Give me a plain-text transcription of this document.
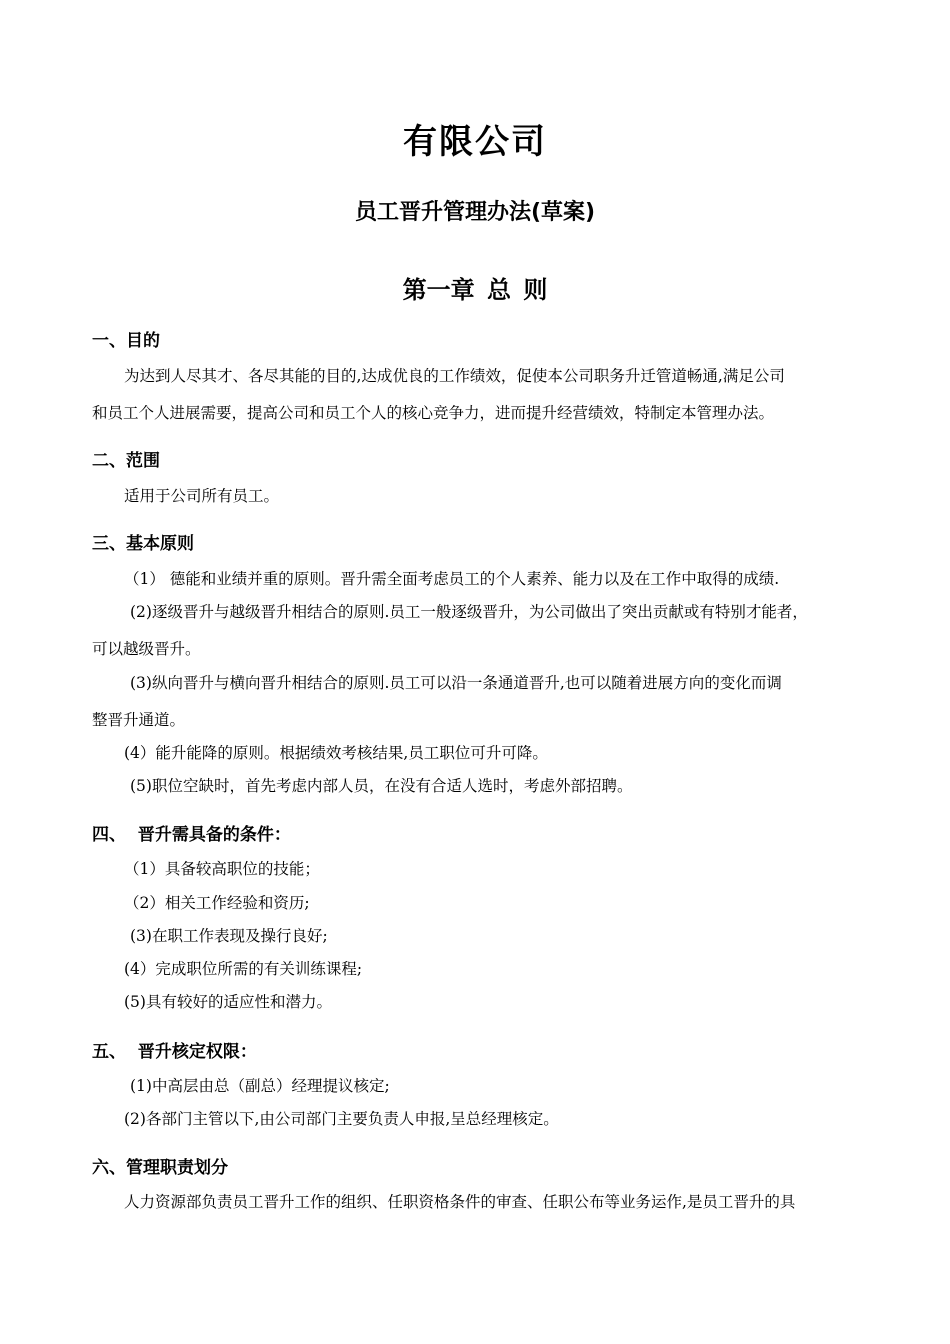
有限公司
员工晋升管理办法(草案)
第一章 总 则
一、目的
为达到人尽其才、各尽其能的目的,达成优良的工作绩效，促使本公司职务升迁管道畅通,满足公司
和员工个人进展需要，提高公司和员工个人的核心竞争力，进而提升经营绩效，特制定本管理办法。
二、范围
适用于公司所有员工。
三、基本原则
（1） 德能和业绩并重的原则。晋升需全面考虑员工的个人素养、能力以及在工作中取得的成绩.
(2)逐级晋升与越级晋升相结合的原则.员工一般逐级晋升，为公司做出了突出贡献或有特别才能者，
可以越级晋升。
(3)纵向晋升与横向晋升相结合的原则.员工可以沿一条通道晋升,也可以随着进展方向的变化而调
整晋升通道。
(4）能升能降的原则。根据绩效考核结果,员工职位可升可降。
(5)职位空缺时，首先考虑内部人员，在没有合适人选时，考虑外部招聘。
四、  晋升需具备的条件：
（1）具备较高职位的技能；
（2）相关工作经验和资历;
(3)在职工作表现及操行良好;
(4）完成职位所需的有关训练课程;
(5)具有较好的适应性和潜力。
五、  晋升核定权限：
(1)中高层由总（副总）经理提议核定;
(2)各部门主管以下,由公司部门主要负责人申报,呈总经理核定。
六、管理职责划分
人力资源部负责员工晋升工作的组织、任职资格条件的审查、任职公布等业务运作,是员工晋升的具
